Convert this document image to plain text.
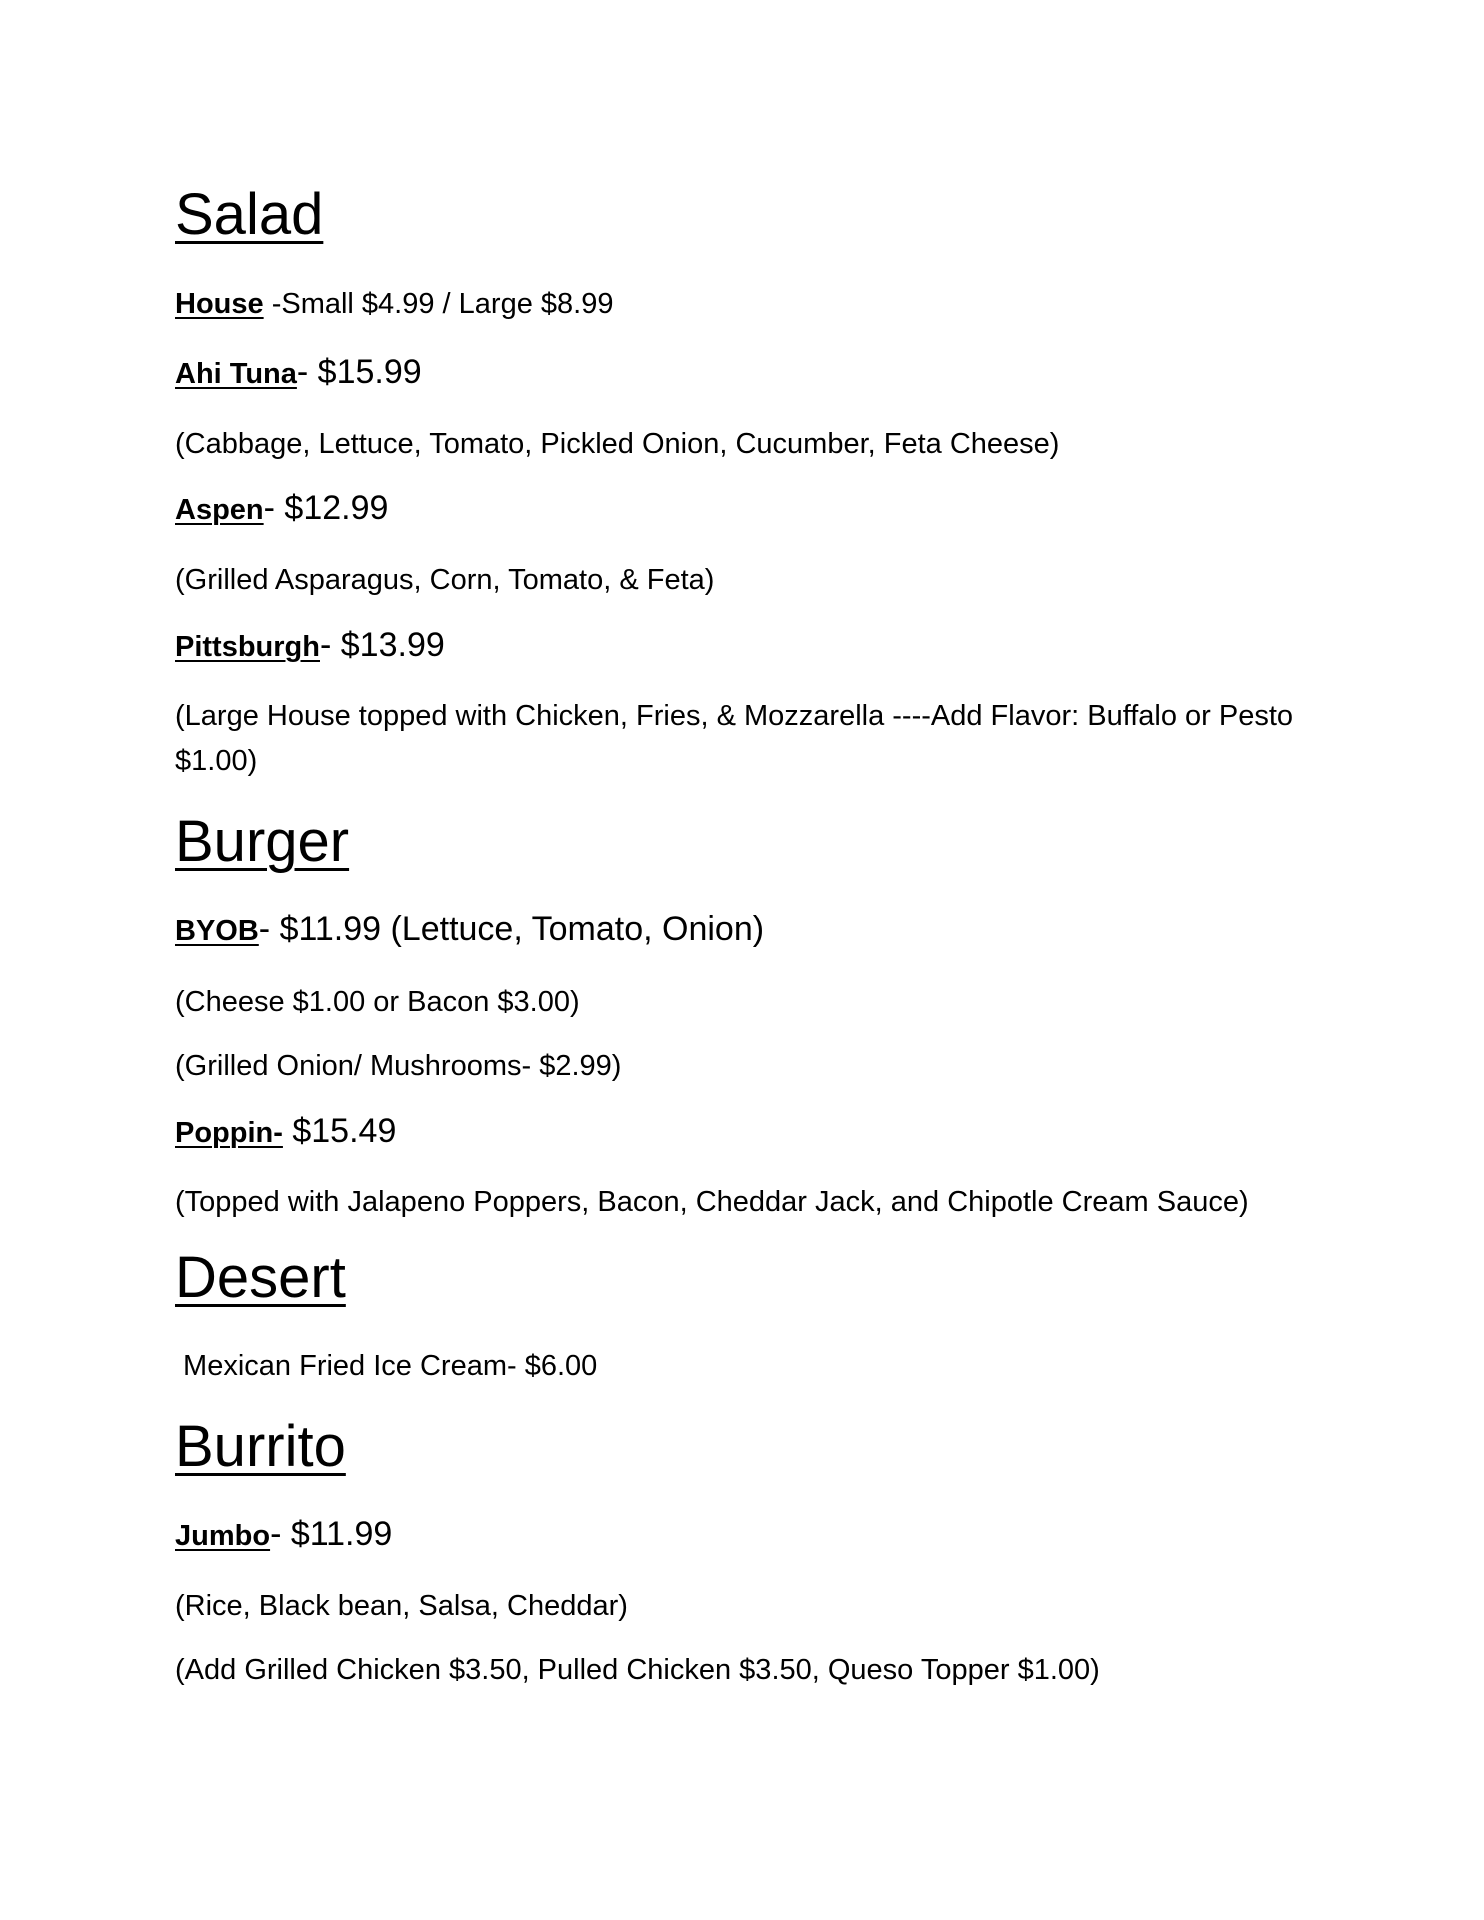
Salad
House -Small $4.99 / Large $8.99
Ahi Tuna- $15.99
(Cabbage, Lettuce, Tomato, Pickled Onion, Cucumber, Feta Cheese)
Aspen- $12.99
(Grilled Asparagus, Corn, Tomato, & Feta)
Pittsburgh- $13.99
(Large House topped with Chicken, Fries, & Mozzarella ----Add Flavor: Buffalo or Pesto $1.00)
Burger
BYOB- $11.99 (Lettuce, Tomato, Onion)
(Cheese $1.00 or Bacon $3.00)
(Grilled Onion/ Mushrooms- $2.99)
Poppin- $15.49
(Topped with Jalapeno Poppers, Bacon, Cheddar Jack, and Chipotle Cream Sauce)
Desert
Mexican Fried Ice Cream- $6.00
Burrito
Jumbo- $11.99
(Rice, Black bean, Salsa, Cheddar)
(Add Grilled Chicken $3.50, Pulled Chicken $3.50, Queso Topper $1.00)
